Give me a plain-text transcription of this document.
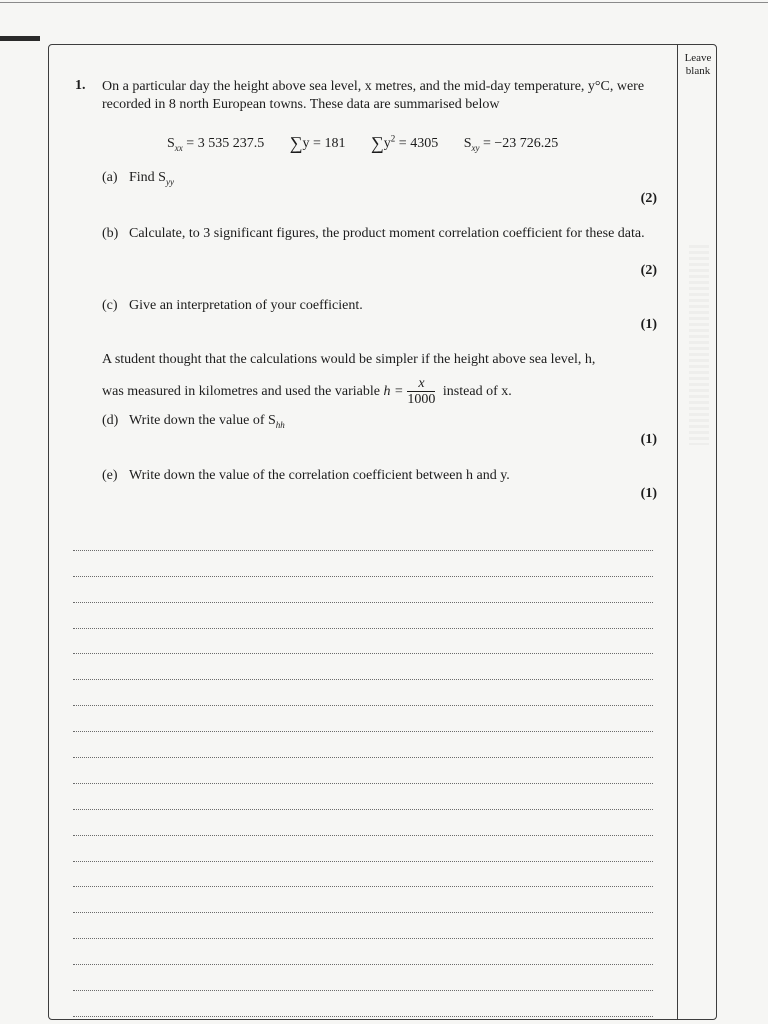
Leave
blank
1. On a particular day the height above sea level, x metres, and the mid-day temperature, y°C, were recorded in 8 north European towns. These data are summarised below
$S_{xx} = 3$ 535 237.5 ∑y = 181 $\sum y^2 = 4305$ $S_{xy} = -23$ 726.25
(a) Find $S_{yy}$
(2)
(b) Calculate, to 3 significant figures, the product moment correlation coefficient for these data.
(2)
(c) Give an interpretation of your coefficient.
(1)
A student thought that the calculations would be simpler if the height above sea level, h,
was measured in kilometres and used the variable $h = \frac{x}{1000}$ instead of x.
(d) Write down the value of $S_{hh}$
(1)
(e) Write down the value of the correlation coefficient between h and y.
(1)
